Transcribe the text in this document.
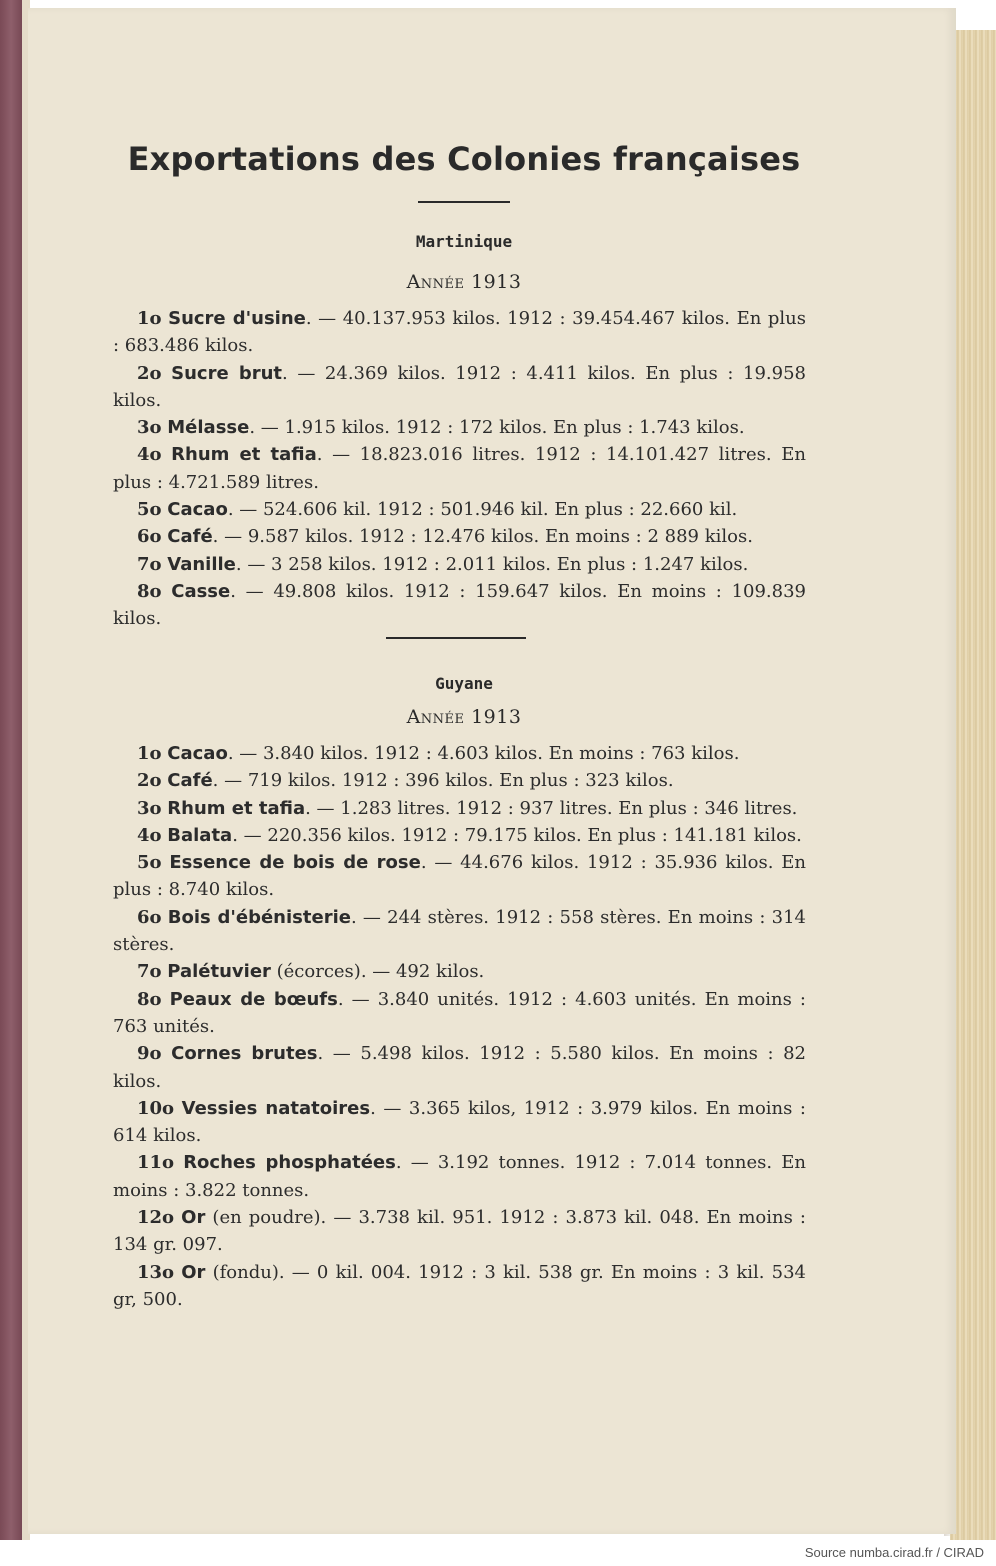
Exportations des Colonies françaises
Martinique
Année 1913

1o Sucre d'usine. — 40.137.953 kilos. 1912 : 39.454.467 kilos. En plus : 683.486 kilos.

2o Sucre brut. — 24.369 kilos. 1912 : 4.411 kilos. En plus : 19.958 kilos.

3o Mélasse. — 1.915 kilos. 1912 : 172 kilos. En plus : 1.743 kilos.

4o Rhum et tafia. — 18.823.016 litres. 1912 : 14.101.427 litres. En plus : 4.721.589 litres.

5o Cacao. — 524.606 kil. 1912 : 501.946 kil. En plus : 22.660 kil.

6o Café. — 9.587 kilos. 1912 : 12.476 kilos. En moins : 2 889 kilos.

7o Vanille. — 3 258 kilos. 1912 : 2.011 kilos. En plus : 1.247 kilos.

8o Casse. — 49.808 kilos. 1912 : 159.647 kilos. En moins : 109.839 kilos.

Guyane
Année 1913

1o Cacao. — 3.840 kilos. 1912 : 4.603 kilos. En moins : 763 kilos.

2o Café. — 719 kilos. 1912 : 396 kilos. En plus : 323 kilos.

3o Rhum et tafia. — 1.283 litres. 1912 : 937 litres. En plus : 346 litres.

4o Balata. — 220.356 kilos. 1912 : 79.175 kilos. En plus : 141.181 kilos.

5o Essence de bois de rose. — 44.676 kilos. 1912 : 35.936 kilos. En plus : 8.740 kilos.

6o Bois d'ébénisterie. — 244 stères. 1912 : 558 stères. En moins : 314 stères.

7o Palétuvier (écorces). — 492 kilos.

8o Peaux de bœufs. — 3.840 unités. 1912 : 4.603 unités. En moins : 763 unités.

9o Cornes brutes. — 5.498 kilos. 1912 : 5.580 kilos. En moins : 82 kilos.

10o Vessies natatoires. — 3.365 kilos, 1912 : 3.979 kilos. En moins : 614 kilos.

11o Roches phosphatées. — 3.192 tonnes. 1912 : 7.014 tonnes. En moins : 3.822 tonnes.

12o Or (en poudre). — 3.738 kil. 951. 1912 : 3.873 kil. 048. En moins : 134 gr. 097.

13o Or (fondu). — 0 kil. 004. 1912 : 3 kil. 538 gr. En moins : 3 kil. 534 gr, 500.

Source numba.cirad.fr / CIRAD
